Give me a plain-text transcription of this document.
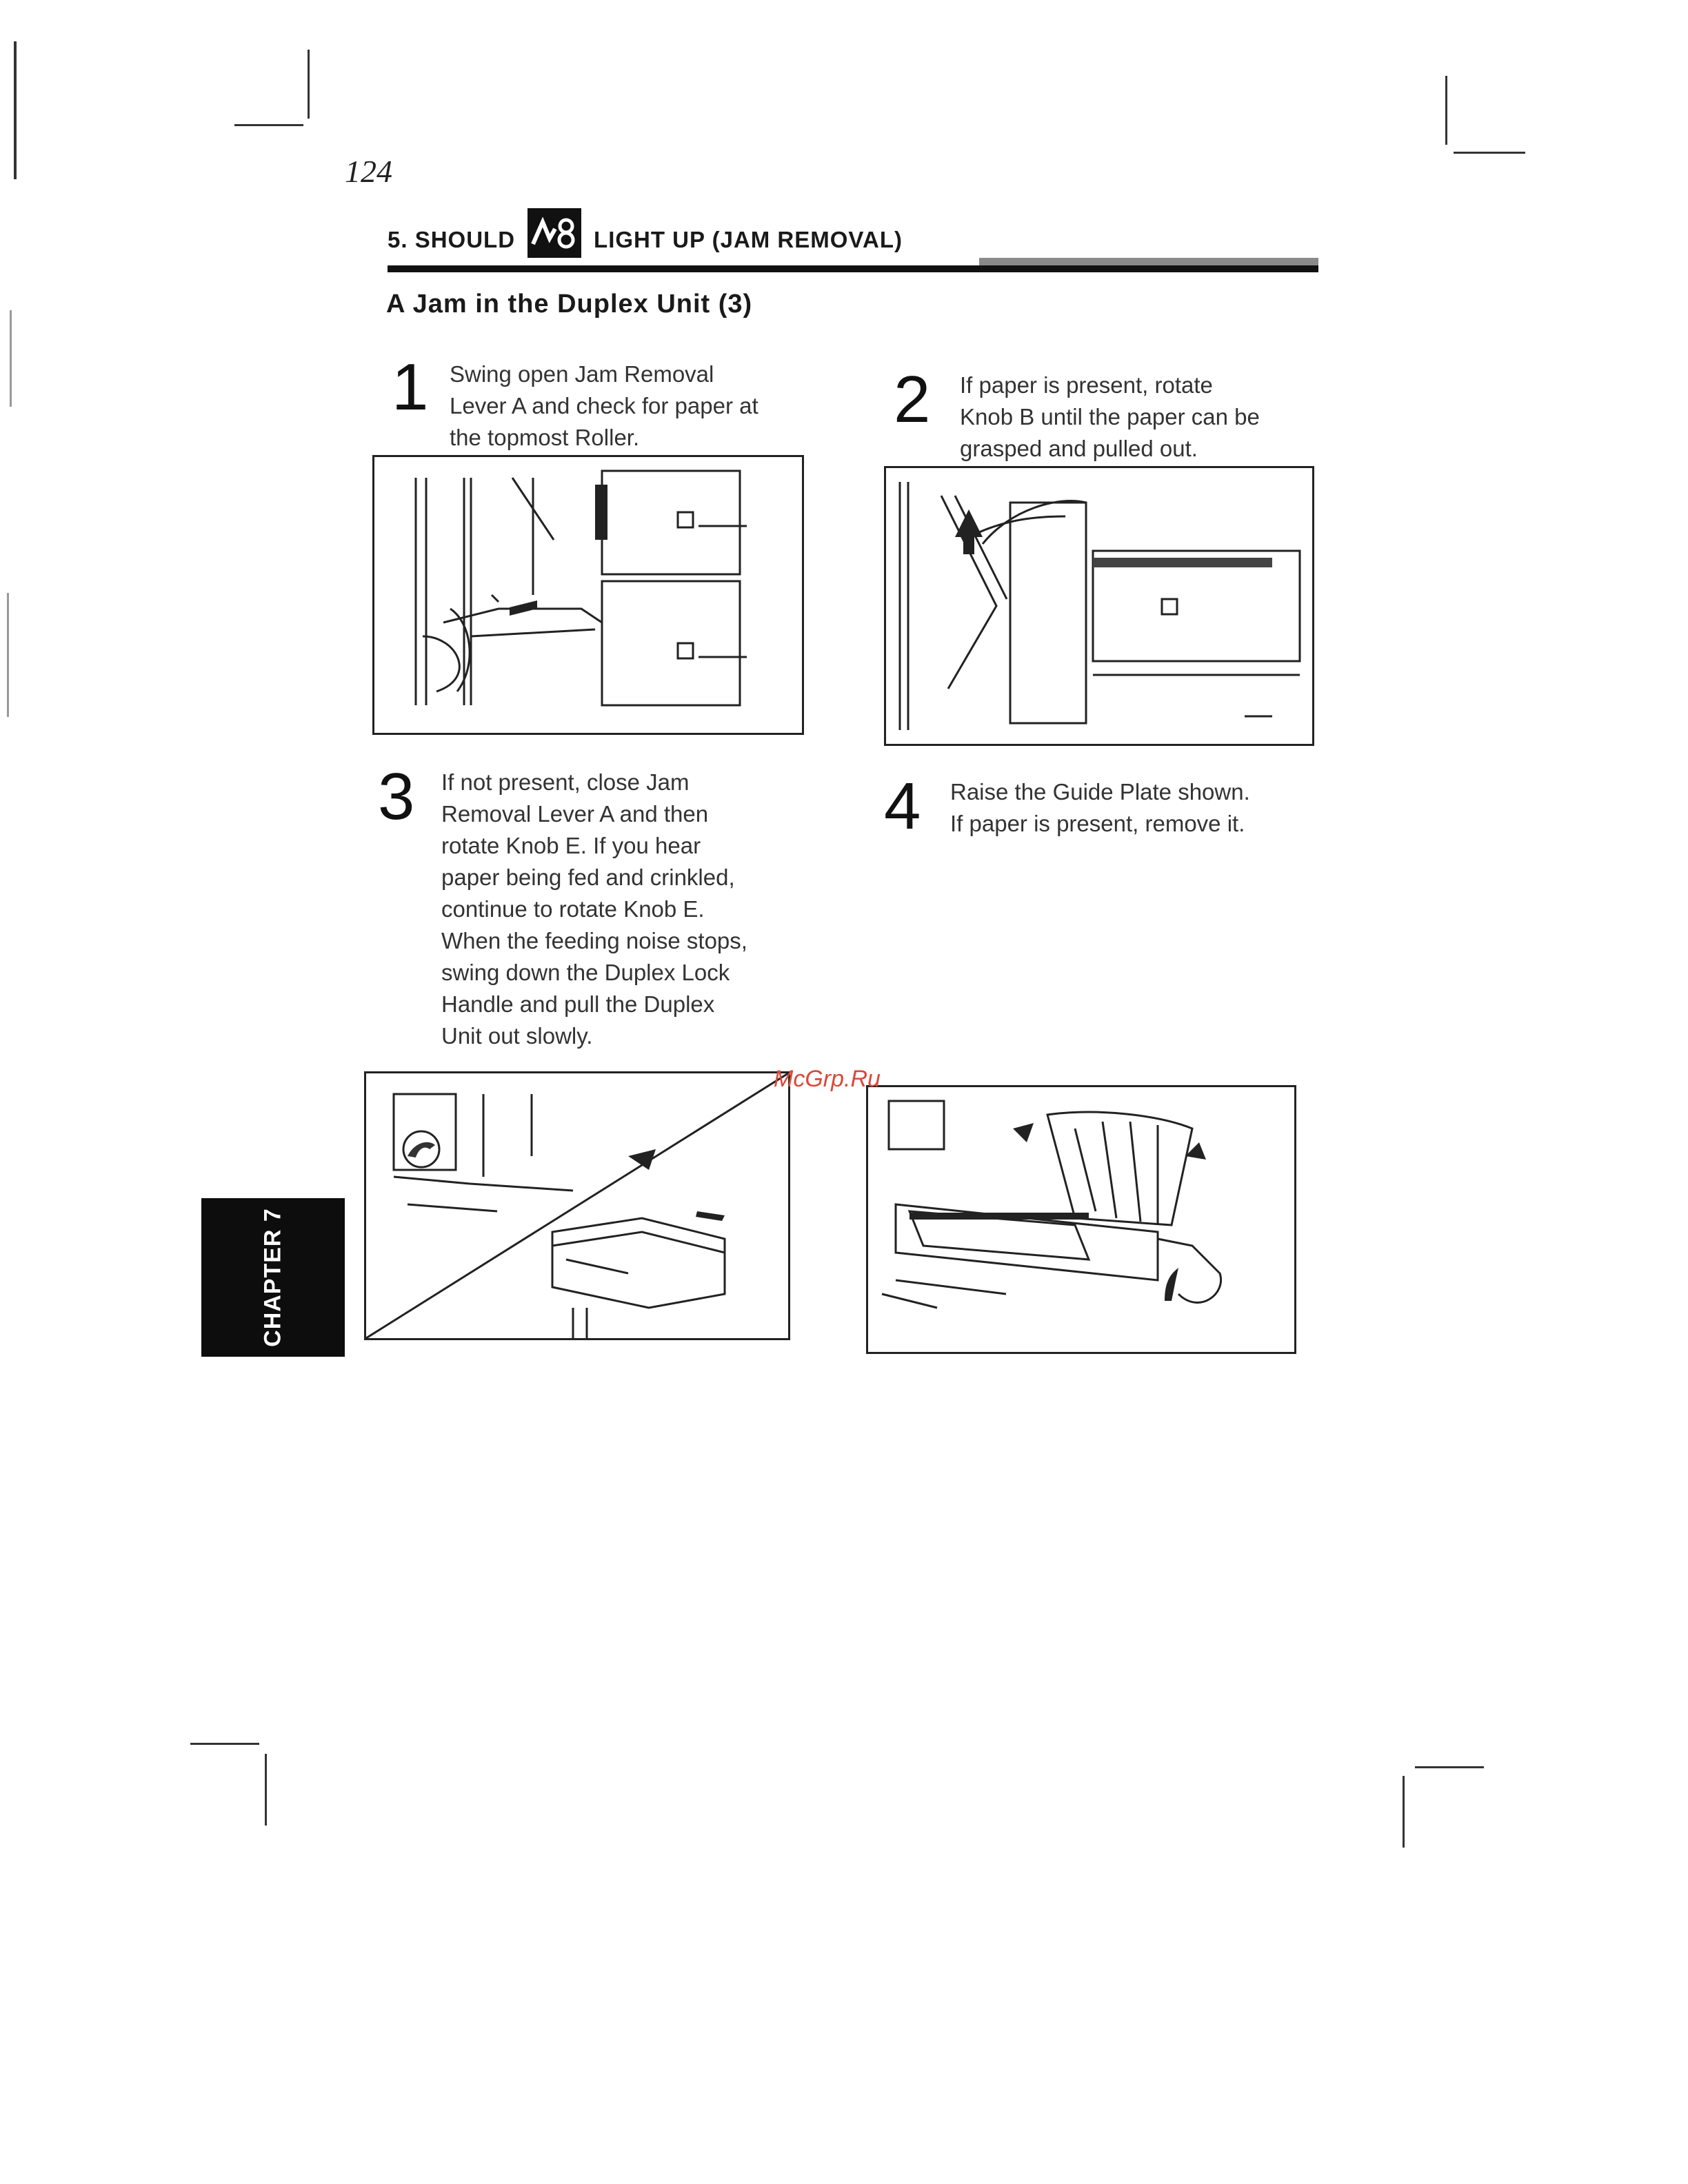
124
5. SHOULD	LIGHT UP (JAM REMOVAL)
A Jam in the Duplex Unit (3)
1 Swing open Jam Removal
Lever A and check for paper at
the topmost Roller.
2 If paper is present, rotate
Knob B until the paper can be
grasped and pulled out.
3 If not present, close Jam
Removal Lever A and then
rotate Knob E. If you hear
paper being fed and crinkled,
continue to rotate Knob E.
When the feeding noise stops,
swing down the Duplex Lock
Handle and pull the Duplex
Unit out slowly.
4 Raise the Guide Plate shown.
If paper is present, remove it.
McGrp.Ru
CHAPTER 7
